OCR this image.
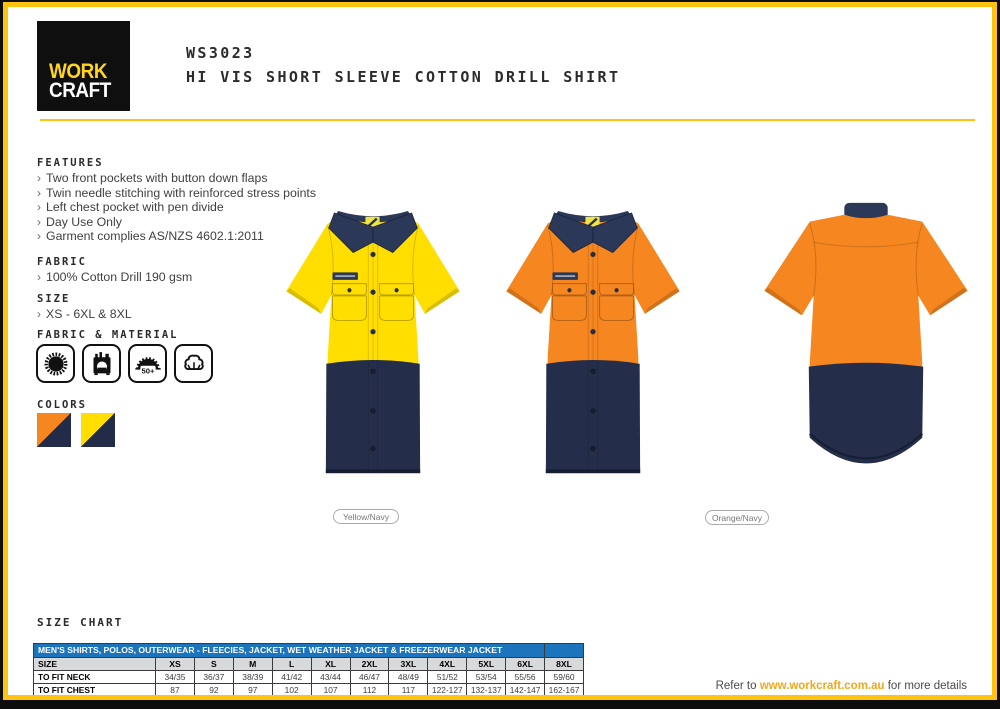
WORK
CRAFT
WS3023
HI VIS SHORT SLEEVE COTTON DRILL SHIRT
FEATURES
› Two front pockets with button down flaps
› Twin needle stitching with reinforced stress points
› Left chest pocket with pen divide
› Day Use Only
› Garment complies AS/NZS 4602.1:2011
FABRIC
› 100% Cotton Drill 190 gsm
SIZE
› XS - 6XL & 8XL
FABRIC & MATERIAL
50+
COLORS
Yellow/Navy	Orange/Navy
SIZE CHART
MEN'S SHIRTS, POLOS, OUTERWEAR - FLEECIES, JACKET, WET WEATHER JACKET & FREEZERWEAR JACKET											
SIZE	XS	S	M	L	XL	2XL	3XL	4XL	5XL	6XL	8XL
TO FIT NECK	34/35	36/37	38/39	41/42	43/44	46/47	48/49	51/52	53/54	55/56	59/60
TO FIT CHEST	87	92	97	102	107	112	117	122-127	132-137	142-147	162-167	Refer to www.workcraft.com.au for more details
